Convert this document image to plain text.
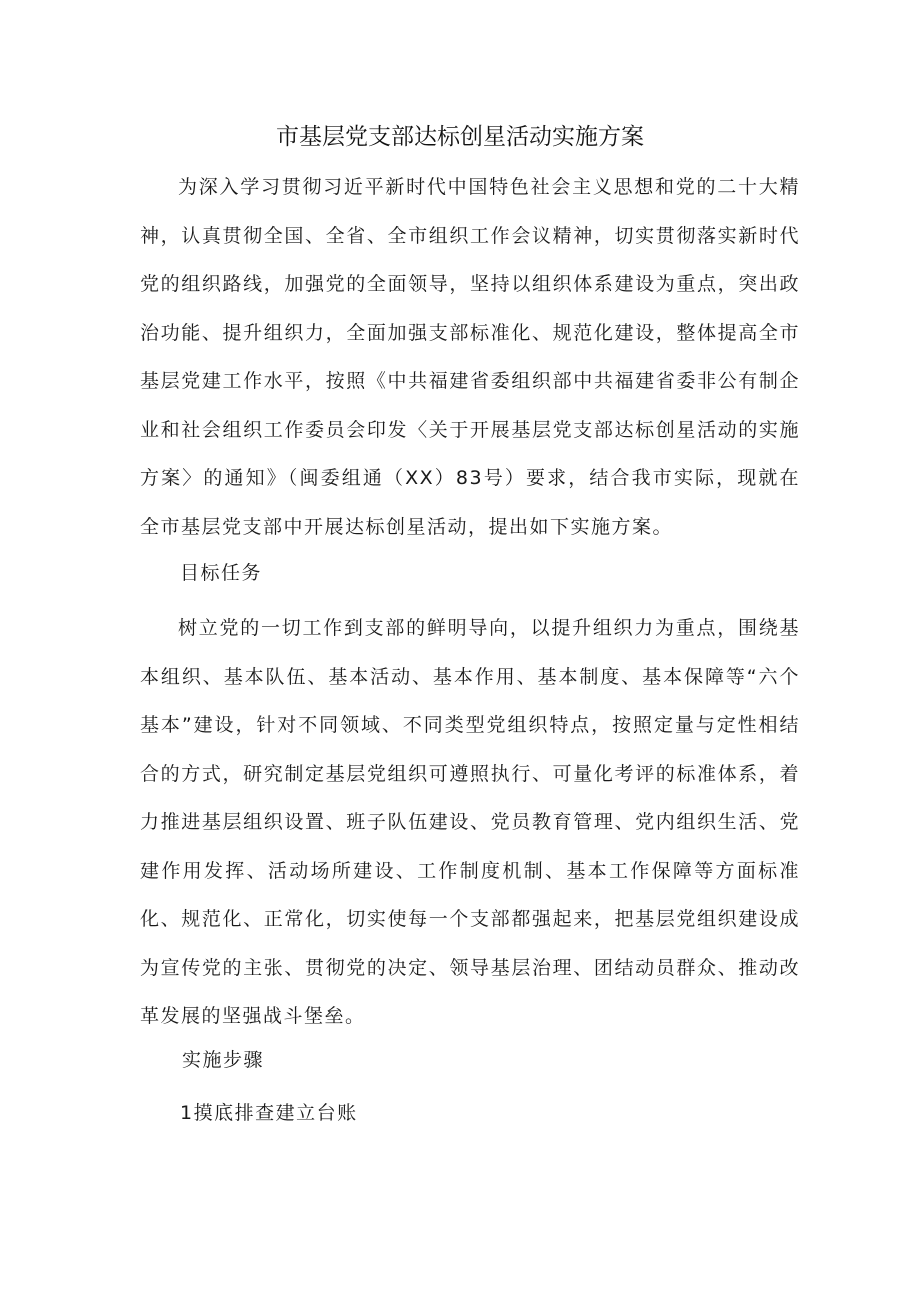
市基层党支部达标创星活动实施方案

为深入学习贯彻习近平新时代中国特色社会主义思想和党的二十大精神，认真贯彻全国、全省、全市组织工作会议精神，切实贯彻落实新时代党的组织路线，加强党的全面领导，坚持以组织体系建设为重点，突出政治功能、提升组织力，全面加强支部标准化、规范化建设，整体提高全市基层党建工作水平，按照《中共福建省委组织部中共福建省委非公有制企业和社会组织工作委员会印发〈关于开展基层党支部达标创星活动的实施方案〉的通知》（闽委组通（XX）83号）要求，结合我市实际，现就在全市基层党支部中开展达标创星活动，提出如下实施方案。

目标任务

树立党的一切工作到支部的鲜明导向，以提升组织力为重点，围绕基本组织、基本队伍、基本活动、基本作用、基本制度、基本保障等“六个基本”建设，针对不同领域、不同类型党组织特点，按照定量与定性相结合的方式，研究制定基层党组织可遵照执行、可量化考评的标准体系，着力推进基层组织设置、班子队伍建设、党员教育管理、党内组织生活、党建作用发挥、活动场所建设、工作制度机制、基本工作保障等方面标准化、规范化、正常化，切实使每一个支部都强起来，把基层党组织建设成为宣传党的主张、贯彻党的决定、领导基层治理、团结动员群众、推动改革发展的坚强战斗堡垒。

实施步骤
1摸底排查建立台账
